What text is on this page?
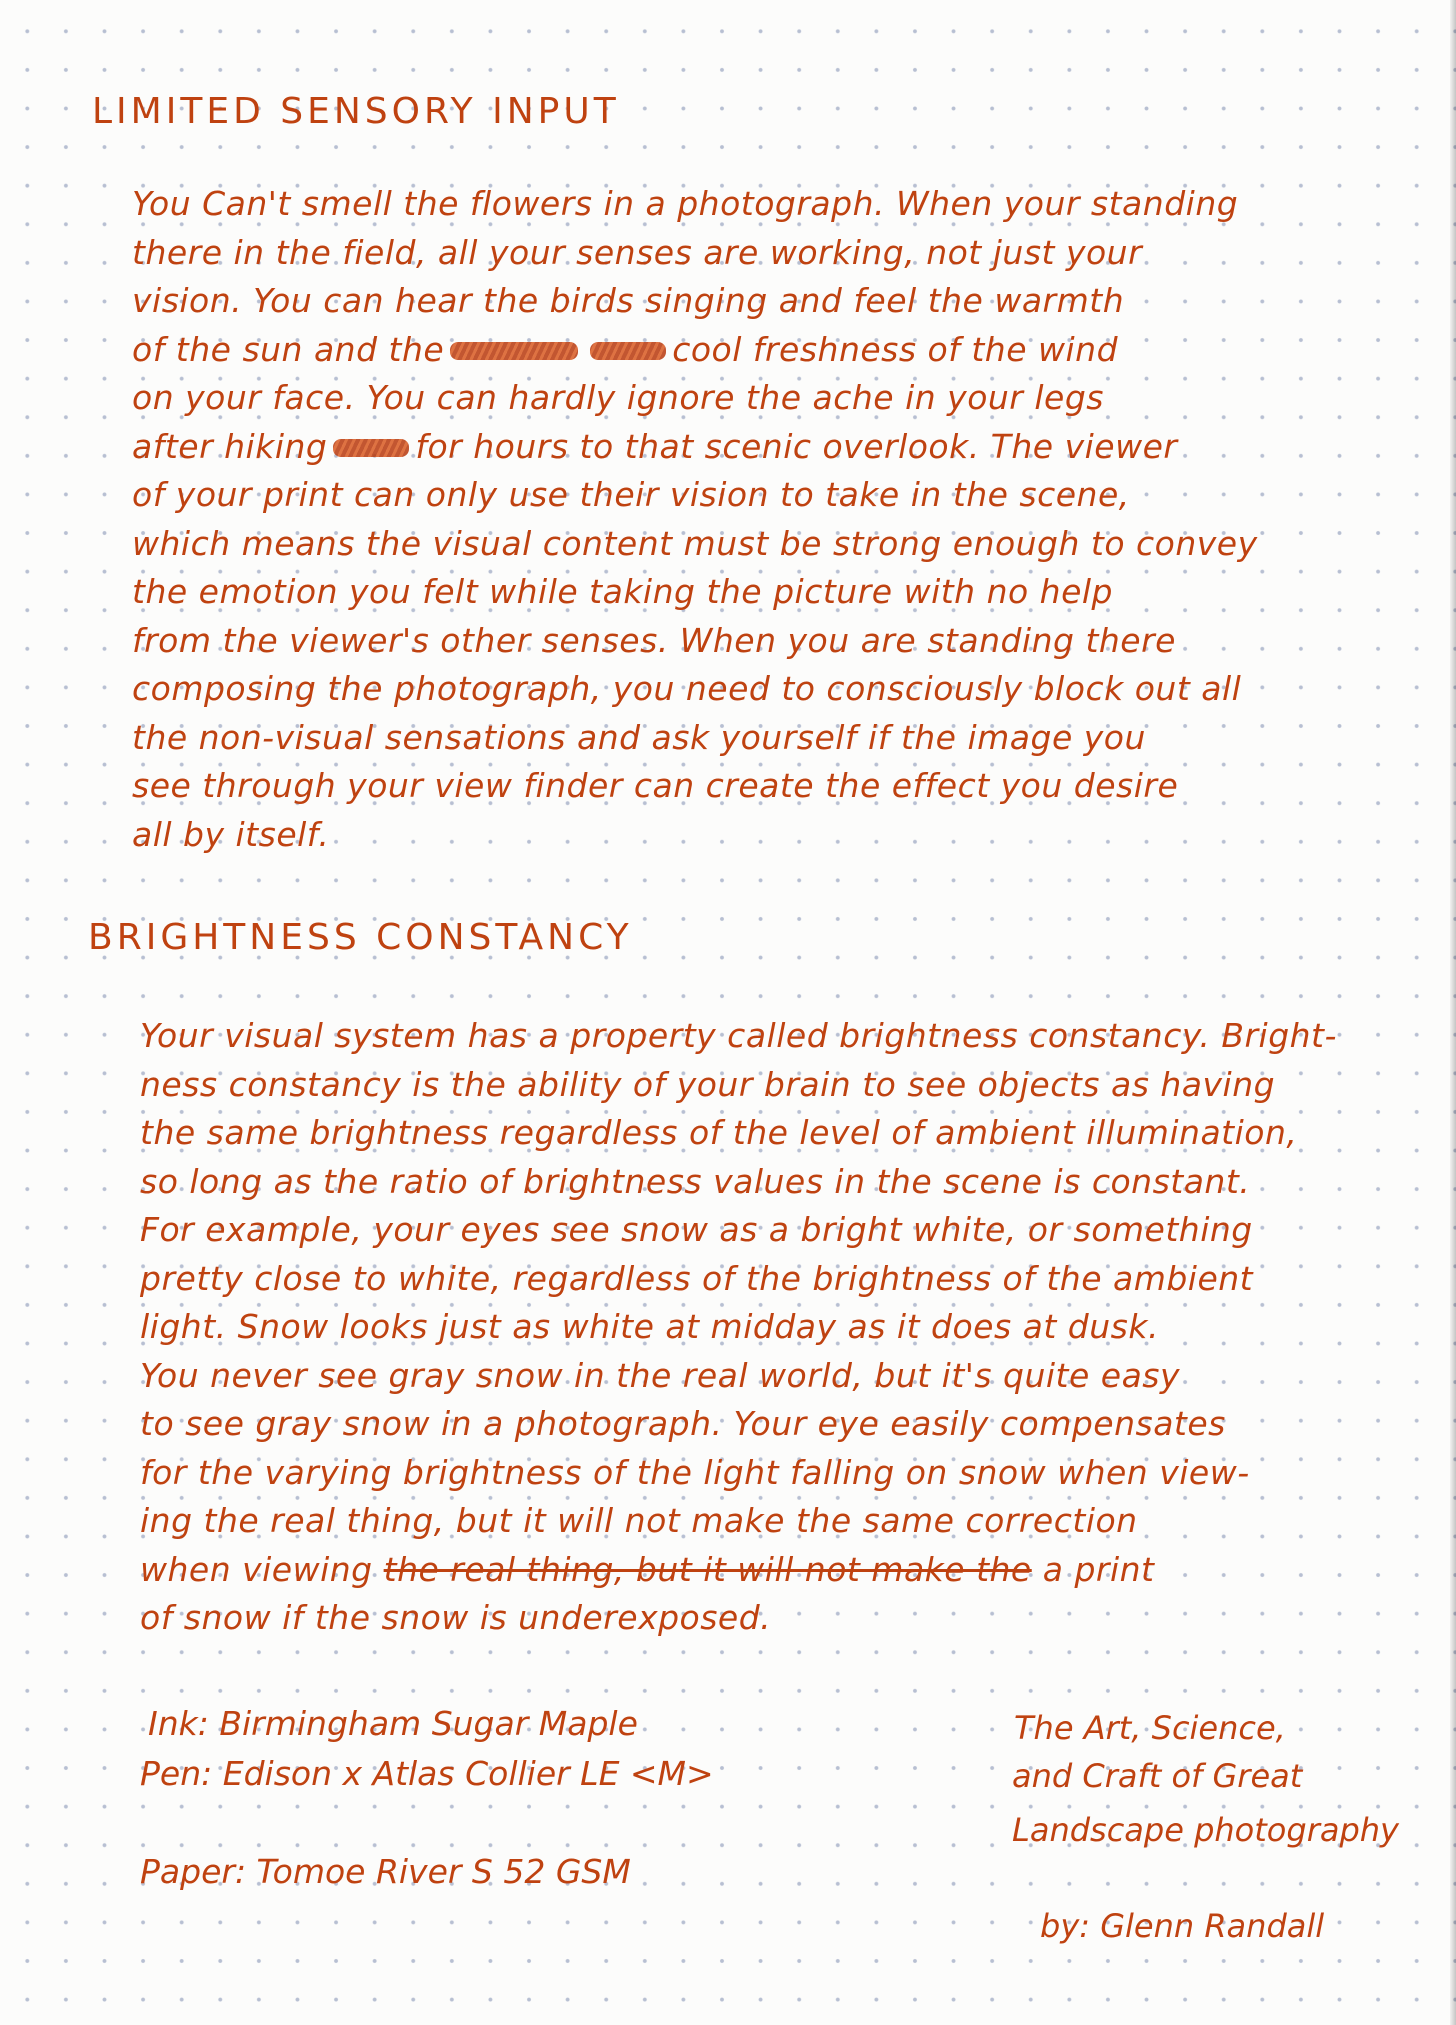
LIMITED SENSORY INPUT
You Can't smell the flowers in a photograph. When your standing
there in the field, all your senses are working, not just your
vision. You can hear the birds singing and feel the warmth
of the sun and the	cool freshness of the wind
on your face. You can hardly ignore the ache in your legs
after hiking	for hours to that scenic overlook. The viewer
of your print can only use their vision to take in the scene,
which means the visual content must be strong enough to convey
the emotion you felt while taking the picture with no help
from the viewer's other senses. When you are standing there
composing the photograph, you need to consciously block out all
the non-visual sensations and ask yourself if the image you
see through your view finder can create the effect you desire
all by itself.
BRIGHTNESS CONSTANCY
Your visual system has a property called brightness constancy. Bright-
ness constancy is the ability of your brain to see objects as having
the same brightness regardless of the level of ambient illumination,
so long as the ratio of brightness values in the scene is constant.
For example, your eyes see snow as a bright white, or something
pretty close to white, regardless of the brightness of the ambient
light. Snow looks just as white at midday as it does at dusk.
You never see gray snow in the real world, but it's quite easy
to see gray snow in a photograph. Your eye easily compensates
for the varying brightness of the light falling on snow when view-
ing the real thing, but it will not make the same correction
when viewing the real thing, but it will not make the a print
of snow if the snow is underexposed.
Ink: Birmingham Sugar Maple
Pen: Edison x Atlas Collier LE <M>
Paper: Tomoe River S 52 GSM
The Art, Science,
and Craft of Great
Landscape photography
by: Glenn Randall
